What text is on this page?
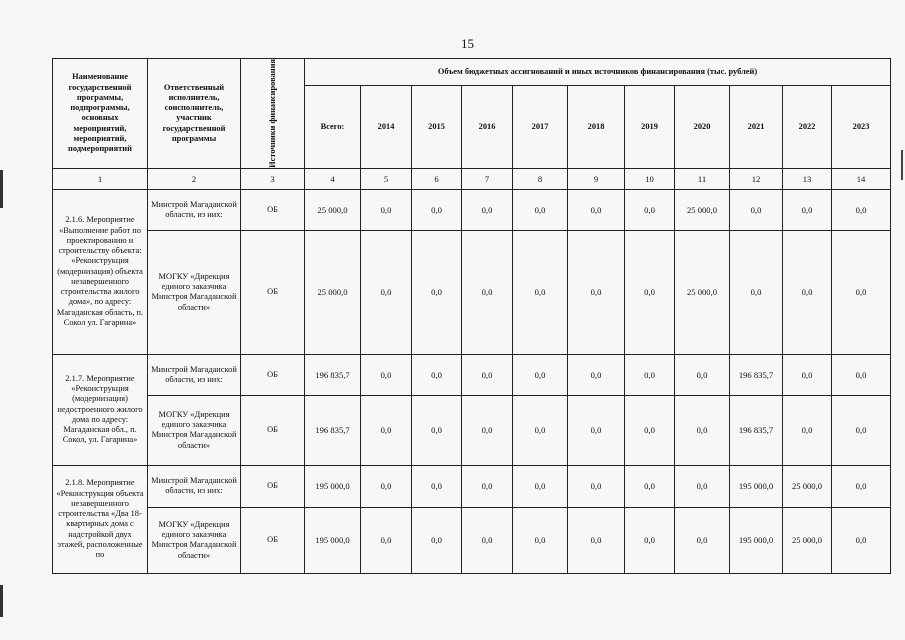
15
Наименование государственной программы, подпрограммы, основных мероприятий, мероприятий, подмероприятий	Ответственный исполнитель, соисполнитель, участник государственной программы	Источники финансирования	Объем бюджетных ассигнований и иных источников финансирования (тыс. рублей)										
			Всего:	2014	2015	2016	2017	2018	2019	2020	2021	2022	2023
1	2	3	4	5	6	7	8	9	10	11	12	13	14
2.1.6. Мероприятие «Выполнение работ по проектированию и строительству объекта: «Реконструкция (модернизация) объекта незавершенного строительства жилого дома», по адресу: Магаданская область, п. Сокол ул. Гагарина»	Минстрой Магаданской области, из них:	ОБ	25 000,0	0,0	0,0	0,0	0,0	0,0	0,0	25 000,0	0,0	0,0	0,0
	МОГКУ «Дирекция единого заказчика Минстроя Магаданской области»	ОБ	25 000,0	0,0	0,0	0,0	0,0	0,0	0,0	25 000,0	0,0	0,0	0,0
2.1.7. Мероприятие «Реконструкция (модернизация) недостроенного жилого дома по адресу: Магаданская обл., п. Сокол, ул. Гагарина»	Минстрой Магаданской области, из них:	ОБ	196 835,7	0,0	0,0	0,0	0,0	0,0	0,0	0,0	196 835,7	0,0	0,0
	МОГКУ «Дирекция единого заказчика Минстроя Магаданской области»	ОБ	196 835,7	0,0	0,0	0,0	0,0	0,0	0,0	0,0	196 835,7	0,0	0,0
2.1.8. Мероприятие «Реконструкция объекта незавершенного строительства «Два 18-квартирных дома с надстройкой двух этажей, расположенные по	Минстрой Магаданской области, из них:	ОБ	195 000,0	0,0	0,0	0,0	0,0	0,0	0,0	0,0	195 000,0	25 000,0	0,0
	МОГКУ «Дирекция единого заказчика Минстроя Магаданской области»	ОБ	195 000,0	0,0	0,0	0,0	0,0	0,0	0,0	0,0	195 000,0	25 000,0	0,0
